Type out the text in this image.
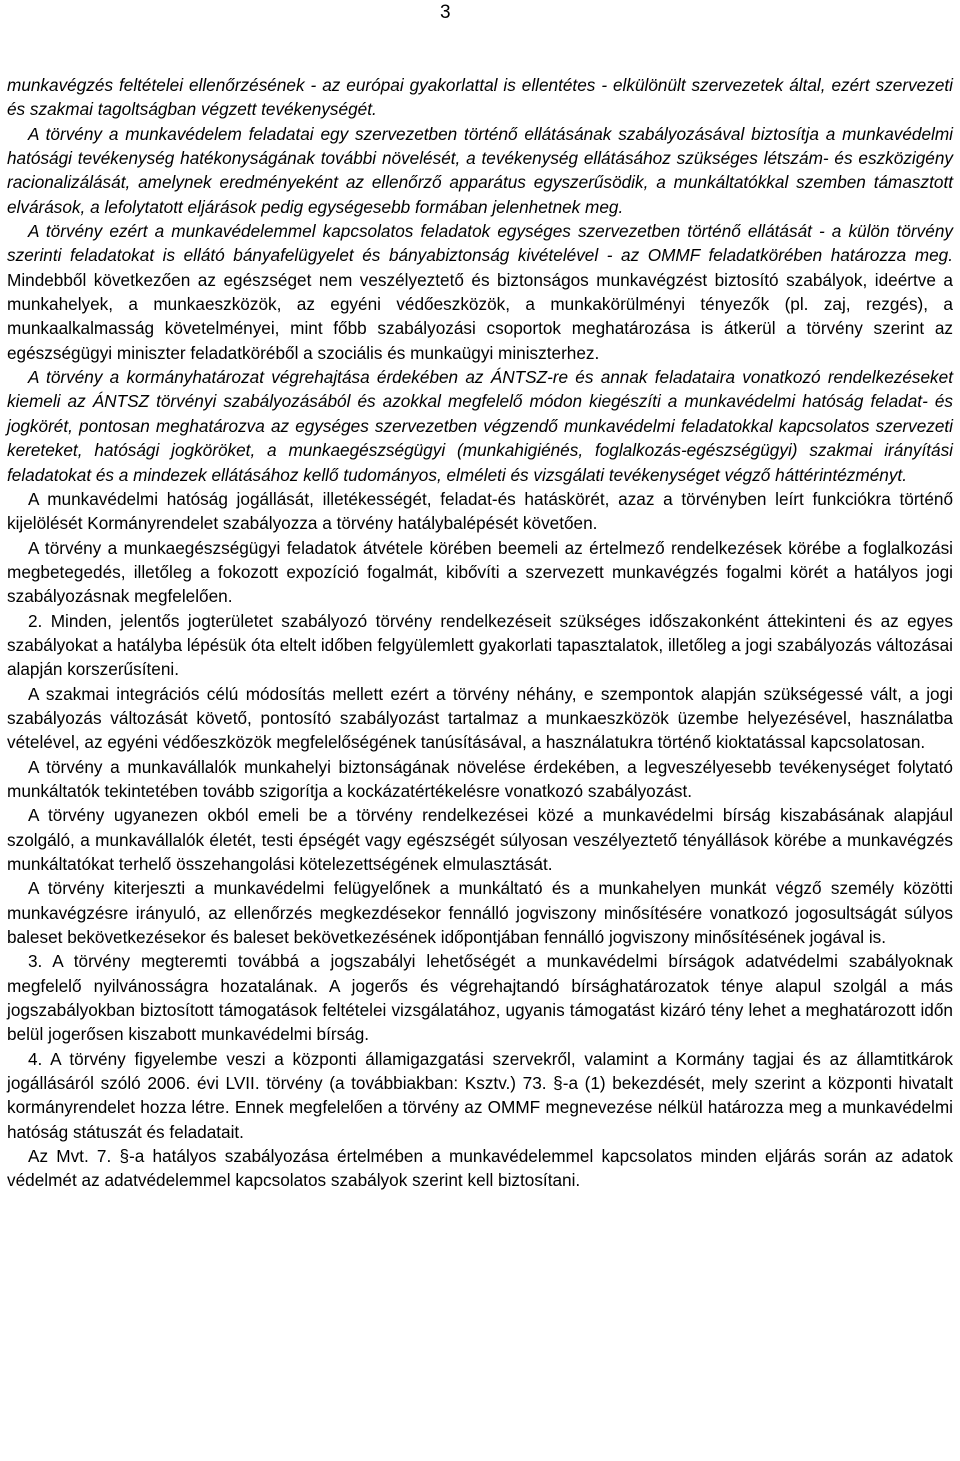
3

munkavégzés feltételei ellenőrzésének - az európai gyakorlattal is ellentétes - elkülönült szervezetek által, ezért szervezeti és szakmai tagoltságban végzett tevékenységét.

A törvény a munkavédelem feladatai egy szervezetben történő ellátásának szabályozásával biztosítja a munkavédelmi hatósági tevékenység hatékonyságának további növelését, a tevékenység ellátásához szükséges létszám- és eszközigény racionalizálását, amelynek eredményeként az ellenőrző apparátus egyszerűsödik, a munkáltatókkal szemben támasztott elvárások, a lefolytatott eljárások pedig egységesebb formában jelenhetnek meg.

A törvény ezért a munkavédelemmel kapcsolatos feladatok egységes szervezetben történő ellátását - a külön törvény szerinti feladatokat is ellátó bányafelügyelet és bányabiztonság kivételével - az OMMF feladatkörében határozza meg. Mindebből következően az egészséget nem veszélyeztető és biztonságos munkavégzést biztosító szabályok, ideértve a munkahelyek, a munkaeszközök, az egyéni védőeszközök, a munkakörülményi tényezők (pl. zaj, rezgés), a munkaalkalmasság követelményei, mint főbb szabályozási csoportok meghatározása is átkerül a törvény szerint az egészségügyi miniszter feladatköréből a szociális és munkaügyi miniszterhez.

A törvény a kormányhatározat végrehajtása érdekében az ÁNTSZ-re és annak feladataira vonatkozó rendelkezéseket kiemeli az ÁNTSZ törvényi szabályozásából és azokkal megfelelő módon kiegészíti a munkavédelmi hatóság feladat- és jogkörét, pontosan meghatározva az egységes szervezetben végzendő munkavédelmi feladatokkal kapcsolatos szervezeti kereteket, hatósági jogköröket, a munkaegészségügyi (munkahigiénés, foglalkozás-egészségügyi) szakmai irányítási feladatokat és a mindezek ellátásához kellő tudományos, elméleti és vizsgálati tevékenységet végző háttérintézményt.

A munkavédelmi hatóság jogállását, illetékességét, feladat-és hatáskörét, azaz a törvényben leírt funkciókra történő kijelölését Kormányrendelet szabályozza a törvény hatálybalépését követően.

A törvény a munkaegészségügyi feladatok átvétele körében beemeli az értelmező rendelkezések körébe a foglalkozási megbetegedés, illetőleg a fokozott expozíció fogalmát, kibővíti a szervezett munkavégzés fogalmi körét a hatályos jogi szabályozásnak megfelelően.

2. Minden, jelentős jogterületet szabályozó törvény rendelkezéseit szükséges időszakonként áttekinteni és az egyes szabályokat a hatályba lépésük óta eltelt időben felgyülemlett gyakorlati tapasztalatok, illetőleg a jogi szabályozás változásai alapján korszerűsíteni.

A szakmai integrációs célú módosítás mellett ezért a törvény néhány, e szempontok alapján szükségessé vált, a jogi szabályozás változását követő, pontosító szabályozást tartalmaz a munkaeszközök üzembe helyezésével, használatba vételével, az egyéni védőeszközök megfelelőségének tanúsításával, a használatukra történő kioktatással kapcsolatosan.

A törvény a munkavállalók munkahelyi biztonságának növelése érdekében, a legveszélyesebb tevékenységet folytató munkáltatók tekintetében tovább szigorítja a kockázatértékelésre vonatkozó szabályozást.

A törvény ugyanezen okból emeli be a törvény rendelkezései közé a munkavédelmi bírság kiszabásának alapjául szolgáló, a munkavállalók életét, testi épségét vagy egészségét súlyosan veszélyeztető tényállások körébe a munkavégzés munkáltatókat terhelő összehangolási kötelezettségének elmulasztását.

A törvény kiterjeszti a munkavédelmi felügyelőnek a munkáltató és a munkahelyen munkát végző személy közötti munkavégzésre irányuló, az ellenőrzés megkezdésekor fennálló jogviszony minősítésére vonatkozó jogosultságát súlyos baleset bekövetkezésekor és baleset bekövetkezésének időpontjában fennálló jogviszony minősítésének jogával is.

3. A törvény megteremti továbbá a jogszabályi lehetőségét a munkavédelmi bírságok adatvédelmi szabályoknak megfelelő nyilvánosságra hozatalának. A jogerős és végrehajtandó bírsághatározatok ténye alapul szolgál a más jogszabályokban biztosított támogatások feltételei vizsgálatához, ugyanis támogatást kizáró tény lehet a meghatározott időn belül jogerősen kiszabott munkavédelmi bírság.

4. A törvény figyelembe veszi a központi államigazgatási szervekről, valamint a Kormány tagjai és az államtitkárok jogállásáról szóló 2006. évi LVII. törvény (a továbbiakban: Ksztv.) 73. §-a (1) bekezdését, mely szerint a központi hivatalt kormányrendelet hozza létre. Ennek megfelelően a törvény az OMMF megnevezése nélkül határozza meg a munkavédelmi hatóság státuszát és feladatait.

Az Mvt. 7. §-a hatályos szabályozása értelmében a munkavédelemmel kapcsolatos minden eljárás során az adatok védelmét az adatvédelemmel kapcsolatos szabályok szerint kell biztosítani.
